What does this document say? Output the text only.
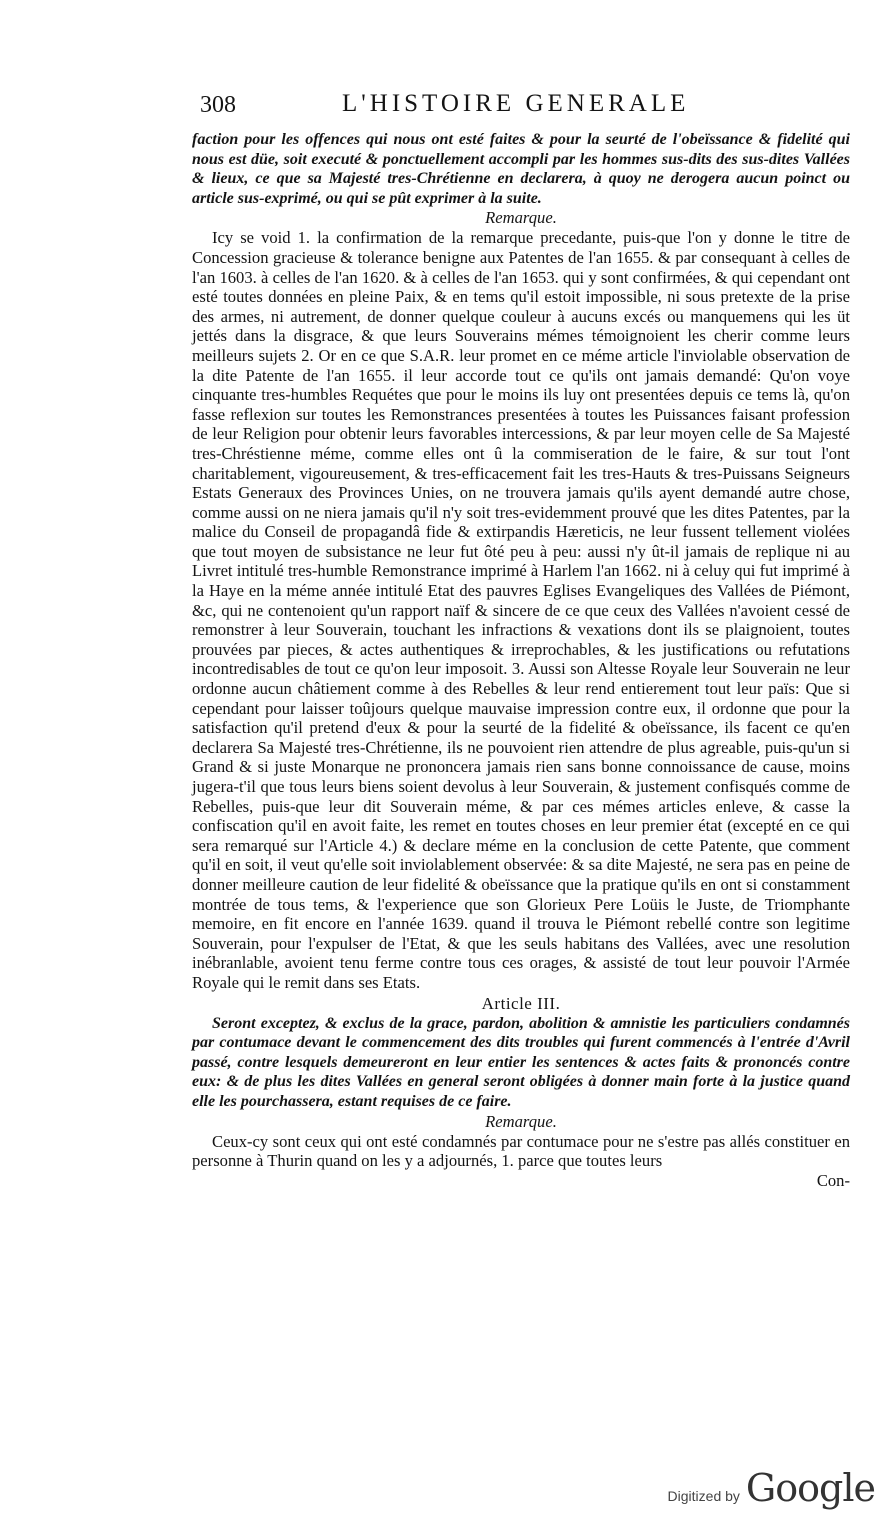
308	L'HISTOIRE GENERALE

faction pour les offences qui nous ont esté faites & pour la seurté de l'obeïssance & fidelité qui nous est düe, soit executé & ponctuellement accompli par les hommes sus-dits des sus-dites Vallées & lieux, ce que sa Majesté tres-Chrétienne en declarera, à quoy ne derogera aucun poinct ou article sus-exprimé, ou qui se pût exprimer à la suite.

Remarque.

Icy se void 1. la confirmation de la remarque precedante, puis-que l'on y donne le titre de Concession gracieuse & tolerance benigne aux Patentes de l'an 1655. & par consequant à celles de l'an 1603. à celles de l'an 1620. & à celles de l'an 1653. qui y sont confirmées, & qui cependant ont esté toutes données en pleine Paix, & en tems qu'il estoit impossible, ni sous pretexte de la prise des armes, ni autrement, de donner quelque couleur à aucuns excés ou manquemens qui les üt jettés dans la disgrace, & que leurs Souverains mémes témoignoient les cherir comme leurs meilleurs sujets 2. Or en ce que S.A.R. leur promet en ce méme article l'inviolable observation de la dite Patente de l'an 1655. il leur accorde tout ce qu'ils ont jamais demandé: Qu'on voye cinquante tres-humbles Requétes que pour le moins ils luy ont presentées depuis ce tems là, qu'on fasse reflexion sur toutes les Remonstrances presentées à toutes les Puissances faisant profession de leur Religion pour obtenir leurs favorables intercessions, & par leur moyen celle de Sa Majesté tres-Chréstienne méme, comme elles ont û la commiseration de le faire, & sur tout l'ont charitablement, vigoureusement, & tres-efficacement fait les tres-Hauts & tres-Puissans Seigneurs Estats Generaux des Provinces Unies, on ne trouvera jamais qu'ils ayent demandé autre chose, comme aussi on ne niera jamais qu'il n'y soit tres-evidemment prouvé que les dites Patentes, par la malice du Conseil de propagandâ fide & extirpandis Hæreticis, ne leur fussent tellement violées que tout moyen de subsistance ne leur fut ôté peu à peu: aussi n'y ût-il jamais de replique ni au Livret intitulé tres-humble Remonstrance imprimé à Harlem l'an 1662. ni à celuy qui fut imprimé à la Haye en la méme année intitulé Etat des pauvres Eglises Evangeliques des Vallées de Piémont, &c, qui ne contenoient qu'un rapport naïf & sincere de ce que ceux des Vallées n'avoient cessé de remonstrer à leur Souverain, touchant les infractions & vexations dont ils se plaignoient, toutes prouvées par pieces, & actes authentiques & irreprochables, & les justifications ou refutations incontredisables de tout ce qu'on leur imposoit. 3. Aussi son Altesse Royale leur Souverain ne leur ordonne aucun châtiement comme à des Rebelles & leur rend entierement tout leur païs: Que si cependant pour laisser toûjours quelque mauvaise impression contre eux, il ordonne que pour la satisfaction qu'il pretend d'eux & pour la seurté de la fidelité & obeïssance, ils facent ce qu'en declarera Sa Majesté tres-Chrétienne, ils ne pouvoient rien attendre de plus agreable, puis-qu'un si Grand & si juste Monarque ne prononcera jamais rien sans bonne connoissance de cause, moins jugera-t'il que tous leurs biens soient devolus à leur Souverain, & justement confisqués comme de Rebelles, puis-que leur dit Souverain méme, & par ces mémes articles enleve, & casse la confiscation qu'il en avoit faite, les remet en toutes choses en leur premier état (excepté en ce qui sera remarqué sur l'Article 4.) & declare méme en la conclusion de cette Patente, que comment qu'il en soit, il veut qu'elle soit inviolablement observée: & sa dite Majesté, ne sera pas en peine de donner meilleure caution de leur fidelité & obeïssance que la pratique qu'ils en ont si constamment montrée de tous tems, & l'experience que son Glorieux Pere Loüis le Juste, de Triomphante memoire, en fit encore en l'année 1639. quand il trouva le Piémont rebellé contre son legitime Souverain, pour l'expulser de l'Etat, & que les seuls habitans des Vallées, avec une resolution inébranlable, avoient tenu ferme contre tous ces orages, & assisté de tout leur pouvoir l'Armée Royale qui le remit dans ses Etats.

Article III.

Seront exceptez, & exclus de la grace, pardon, abolition & amnistie les particuliers condamnés par contumace devant le commencement des dits troubles qui furent commencés à l'entrée d'Avril passé, contre lesquels demeureront en leur entier les sentences & actes faits & prononcés contre eux: & de plus les dites Vallées en general seront obligées à donner main forte à la justice quand elle les pourchassera, estant requises de ce faire.

Remarque.

Ceux-cy sont ceux qui ont esté condamnés par contumace pour ne s'estre pas allés constituer en personne à Thurin quand on les y a adjournés, 1. parce que toutes leurs

Con-
Digitized by Google
